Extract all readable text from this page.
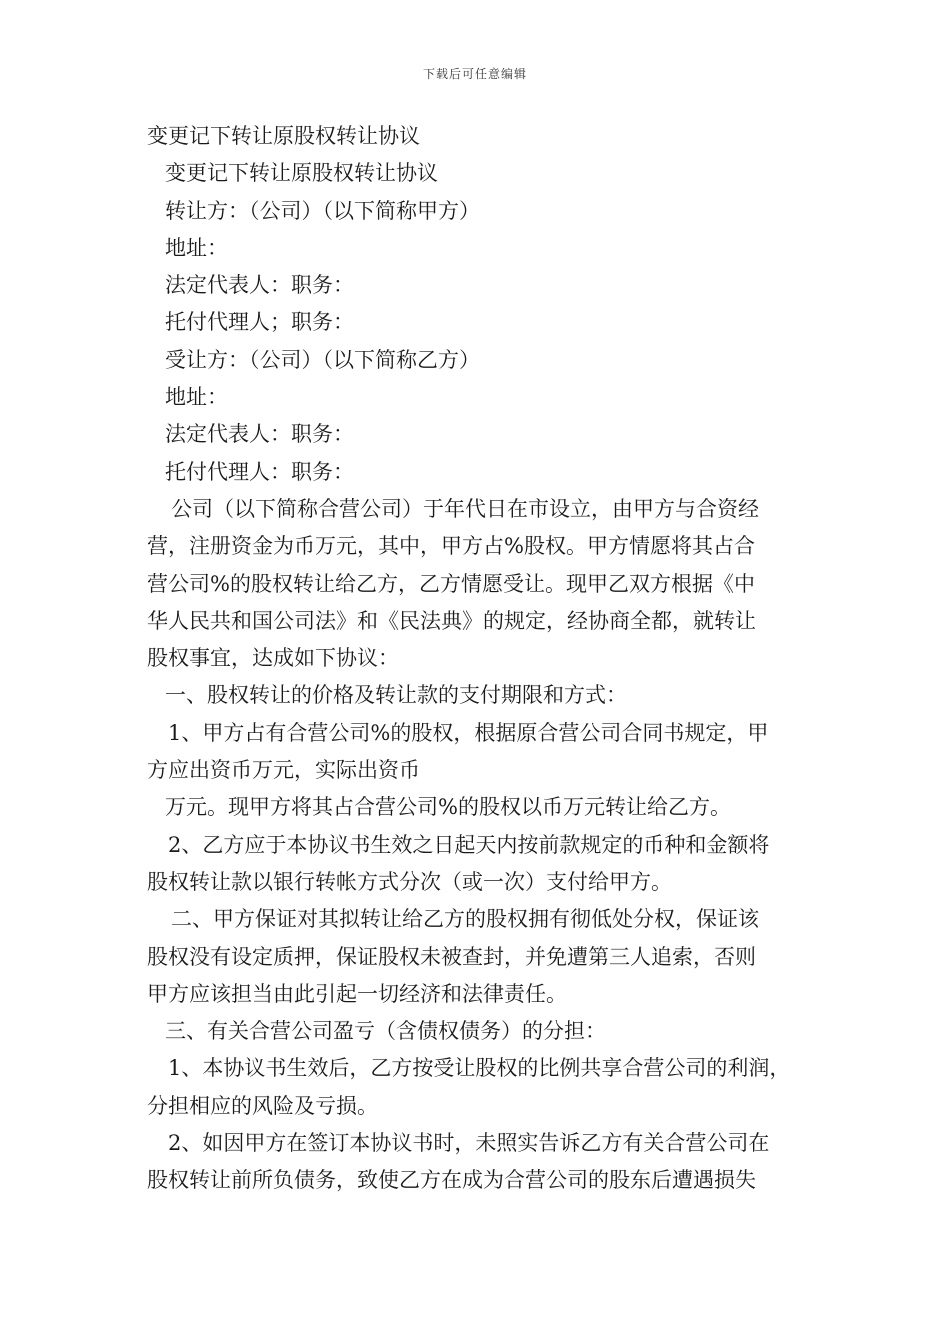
下载后可任意编辑
变更记下转让原股权转让协议
变更记下转让原股权转让协议
转让方：（公司）（以下简称甲方）
地址：
法定代表人：职务：
托付代理人；职务：
受让方：（公司）（以下简称乙方）
地址：
法定代表人：职务：
托付代理人：职务：
公司（以下简称合营公司）于年代日在市设立，由甲方与合资经
营，注册资金为币万元，其中，甲方占%股权。甲方情愿将其占合
营公司%的股权转让给乙方，乙方情愿受让。现甲乙双方根据《中
华人民共和国公司法》和《民法典》的规定，经协商全都，就转让
股权事宜，达成如下协议：
一、股权转让的价格及转让款的支付期限和方式：
1、甲方占有合营公司%的股权，根据原合营公司合同书规定，甲
方应出资币万元，实际出资币
万元。现甲方将其占合营公司%的股权以币万元转让给乙方。
2、乙方应于本协议书生效之日起天内按前款规定的币种和金额将
股权转让款以银行转帐方式分次（或一次）支付给甲方。
二、甲方保证对其拟转让给乙方的股权拥有彻低处分权，保证该
股权没有设定质押，保证股权未被查封，并免遭第三人追索，否则
甲方应该担当由此引起一切经济和法律责任。
三、有关合营公司盈亏（含债权债务）的分担：
1、本协议书生效后，乙方按受让股权的比例共享合营公司的利润，
分担相应的风险及亏损。
2、如因甲方在签订本协议书时，未照实告诉乙方有关合营公司在
股权转让前所负债务，致使乙方在成为合营公司的股东后遭遇损失
